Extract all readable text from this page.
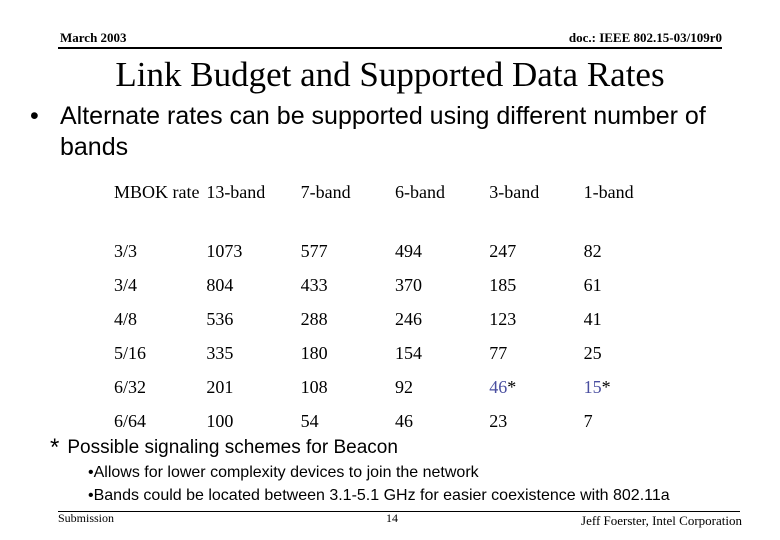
March 2003	doc.: IEEE 802.15-03/109r0
Link Budget and Supported Data Rates
• Alternate rates can be supported using different number of bands
MBOK rate	13-band	7-band	6-band	3-band	1-band
3/3	1073	577	494	247	82
3/4	804	433	370	185	61
4/8	536	288	246	123	41
5/16	335	180	154	77	25
6/32	201	108	92	46*	15*
6/64	100	54	46	23	7
* Possible signaling schemes for Beacon
•Allows for lower complexity devices to join the network
•Bands could be located between 3.1-5.1 GHz for easier coexistence with 802.11a
Submission	14	Jeff Foerster, Intel Corporation
